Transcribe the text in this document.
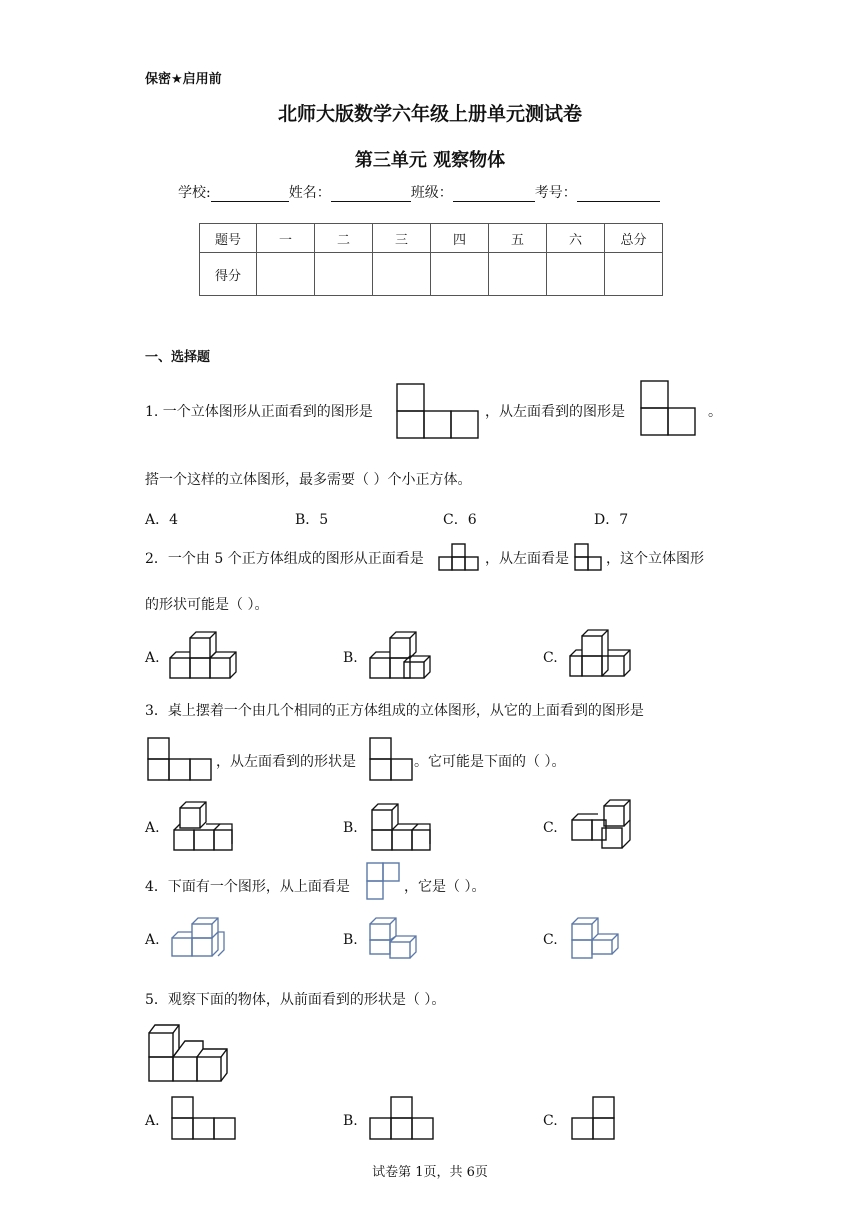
保密★启用前
北师大版数学六年级上册单元测试卷
第三单元 观察物体
学校:	姓名：	班级：	考号：
题号	一	二	三	四	五	六	总分
得分							
一、选择题
1. 一个立体图形从正面看到的图形是	，从左面看到的图形是	。
搭一个这样的立体图形，最多需要（ ）个小正方体。
A．4	B．5	C．6	D．7
2．一个由 5 个正方体组成的图形从正面看是	，从左面看是	，这个立体图形
的形状可能是（ ）。
A.	B.	C.
3．桌上摆着一个由几个相同的正方体组成的立体图形，从它的上面看到的图形是
，从左面看到的形状是	。它可能是下面的（ ）。
A.	B.	C.
4．下面有一个图形，从上面看是	，它是（ ）。
A.	B.	C.
5．观察下面的物体，从前面看到的形状是（ ）。
A.	B.	C.
试卷第 1页，共 6页
